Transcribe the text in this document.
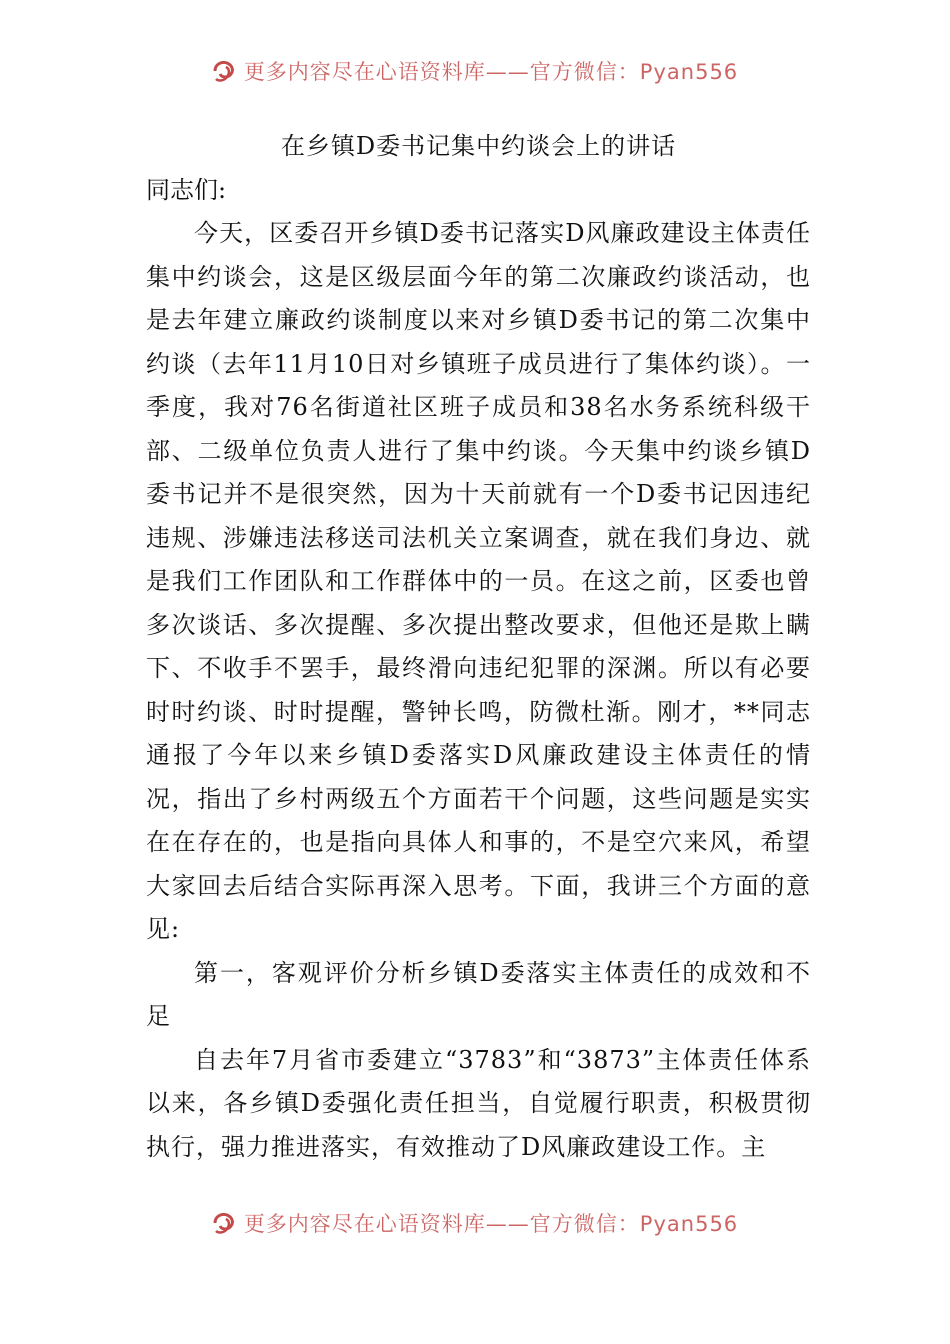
更多内容尽在心语资料库——官方微信：Pyan556
在乡镇D委书记集中约谈会上的讲话

同志们:

今天，区委召开乡镇D委书记落实D风廉政建设主体责任集中约谈会，这是区级层面今年的第二次廉政约谈活动，也是去年建立廉政约谈制度以来对乡镇D委书记的第二次集中约谈（去年11月10日对乡镇班子成员进行了集体约谈）。一季度，我对76名街道社区班子成员和38名水务系统科级干部、二级单位负责人进行了集中约谈。今天集中约谈乡镇D委书记并不是很突然，因为十天前就有一个D委书记因违纪违规、涉嫌违法移送司法机关立案调查，就在我们身边、就是我们工作团队和工作群体中的一员。在这之前，区委也曾多次谈话、多次提醒、多次提出整改要求，但他还是欺上瞒下、不收手不罢手，最终滑向违纪犯罪的深渊。所以有必要时时约谈、时时提醒，警钟长鸣，防微杜渐。刚才，**同志通报了今年以来乡镇D委落实D风廉政建设主体责任的情况，指出了乡村两级五个方面若干个问题，这些问题是实实在在存在的，也是指向具体人和事的，不是空穴来风，希望大家回去后结合实际再深入思考。下面，我讲三个方面的意见:

第一，客观评价分析乡镇D委落实主体责任的成效和不足

自去年7月省市委建立“3783”和“3873”主体责任体系以来，各乡镇D委强化责任担当，自觉履行职责，积极贯彻执行，强力推进落实，有效推动了D风廉政建设工作。主

更多内容尽在心语资料库——官方微信：Pyan556
